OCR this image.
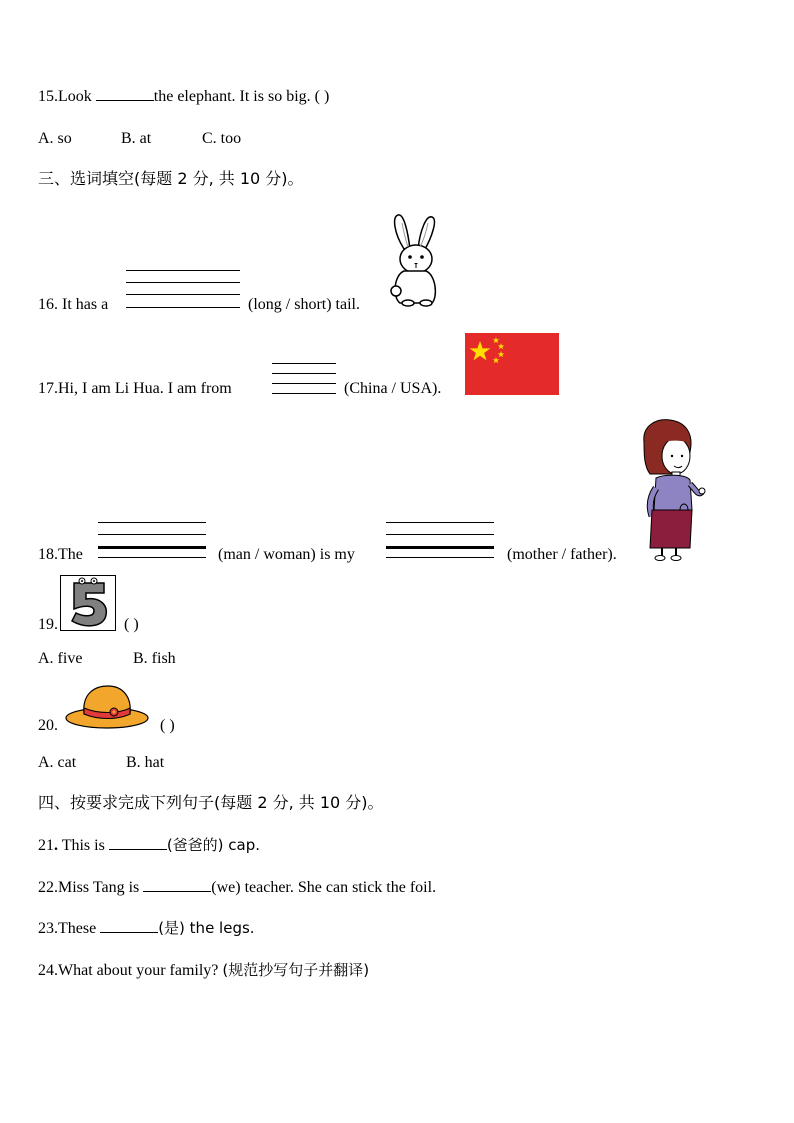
15.Look	the elephant. It is so big. ( )
A. so	B. at	C. too
三、选词填空(每题 2 分, 共 10 分)。
16. It has a	(long / short) tail.
17.Hi, I am Li Hua. I am from	(China / USA).
18.The	(man / woman) is my	(mother / father).
19.	( )
A. five	B. fish
20.	( )
A. cat	B. hat
四、按要求完成下列句子(每题 2 分, 共 10 分)。
21. This is	(爸爸的) cap.
22.Miss Tang is	(we) teacher. She can stick the foil.
23.These	(是) the legs.
24.What about your family? (规范抄写句子并翻译)
